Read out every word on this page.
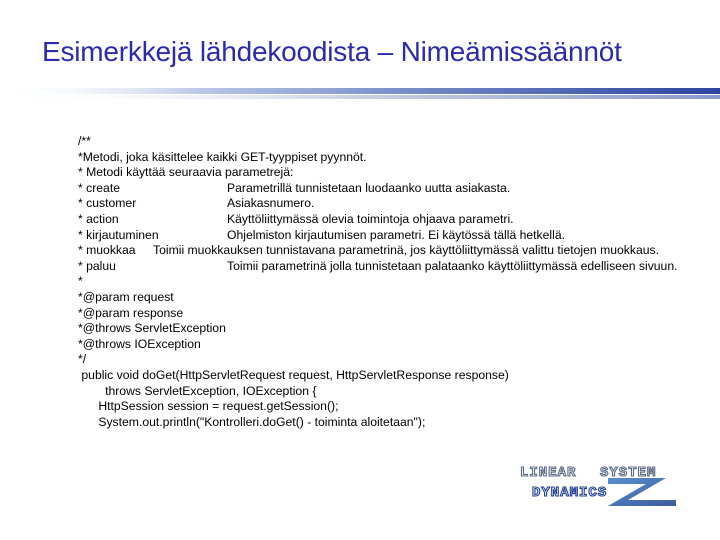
Esimerkkejä lähdekoodista – Nimeämissäännöt
/**
*Metodi, joka käsittelee kaikki GET-tyyppiset pyynnöt.
* Metodi käyttää seuraavia parametrejä:
* create	Parametrillä tunnistetaan luodaanko uutta asiakasta.
* customer	Asiakasnumero.
* action	Käyttöliittymässä olevia toimintoja ohjaava parametri.
* kirjautuminen	Ohjelmiston kirjautumisen parametri. Ei käytössä tällä hetkellä.
* muokkaa Toimii muokkauksen tunnistavana parametrinä, jos käyttöliittymässä valittu tietojen muokkaus.
* paluu	Toimii parametrinä jolla tunnistetaan palataanko käyttöliittymässä edelliseen sivuun.
*
*@param request
*@param response
*@throws ServletException
*@throws IOException
*/
public void doGet(HttpServletRequest request, HttpServletResponse response)
throws ServletException, IOException {
HttpSession session = request.getSession();
System.out.println("Kontrolleri.doGet() - toiminta aloitetaan");
LINEAR SYSTEM
DYNAMICS
